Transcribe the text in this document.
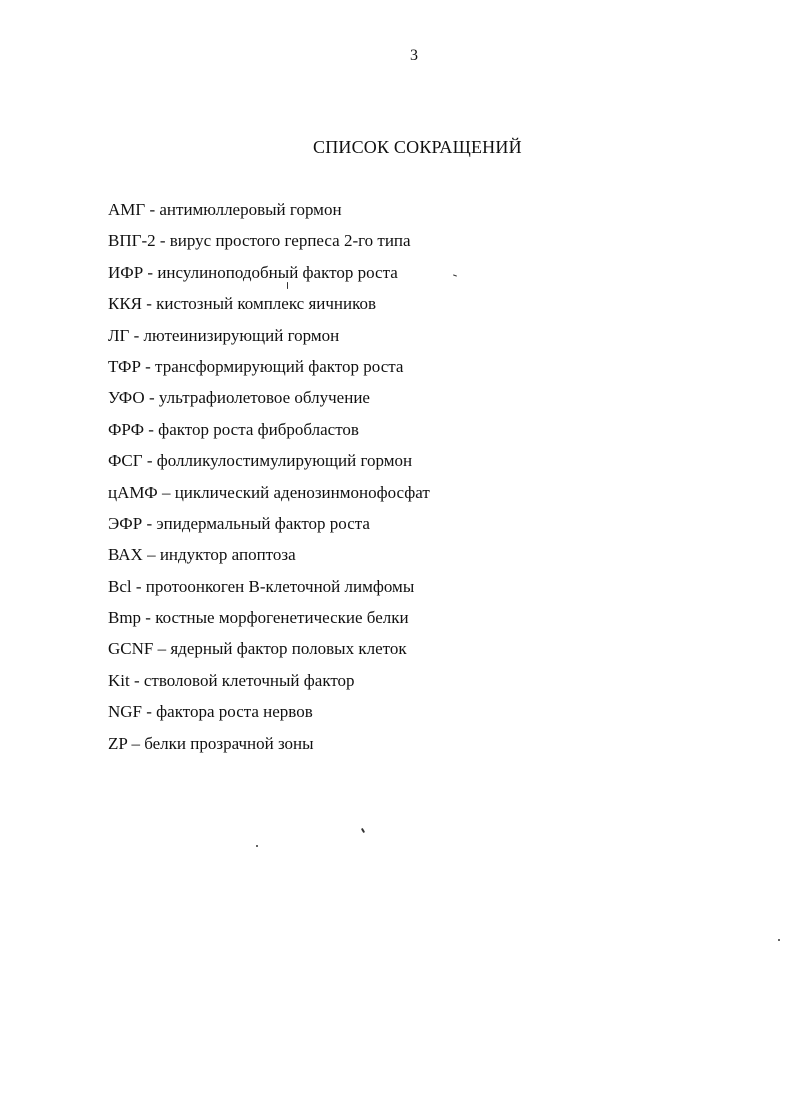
3
СПИСОК СОКРАЩЕНИЙ
АМГ - антимюллеровый гормон
ВПГ-2 - вирус простого герпеса 2-го типа
ИФР - инсулиноподобный фактор роста
ККЯ - кистозный комплекс яичников
ЛГ - лютеинизирующий гормон
ТФР - трансформирующий фактор роста
УФО - ультрафиолетовое облучение
ФРФ - фактор роста фибробластов
ФСГ - фолликулостимулирующий гормон
цАМФ – циклический аденозинмонофосфат
ЭФР - эпидермальный фактор роста
ВАХ – индуктор апоптоза
Bcl - протоонкоген В-клеточной лимфомы
Bmp - костные морфогенетические белки
GCNF – ядерный фактор половых клеток
Kit - стволовой клеточный фактор
NGF - фактора роста нервов
ZP – белки прозрачной зоны
